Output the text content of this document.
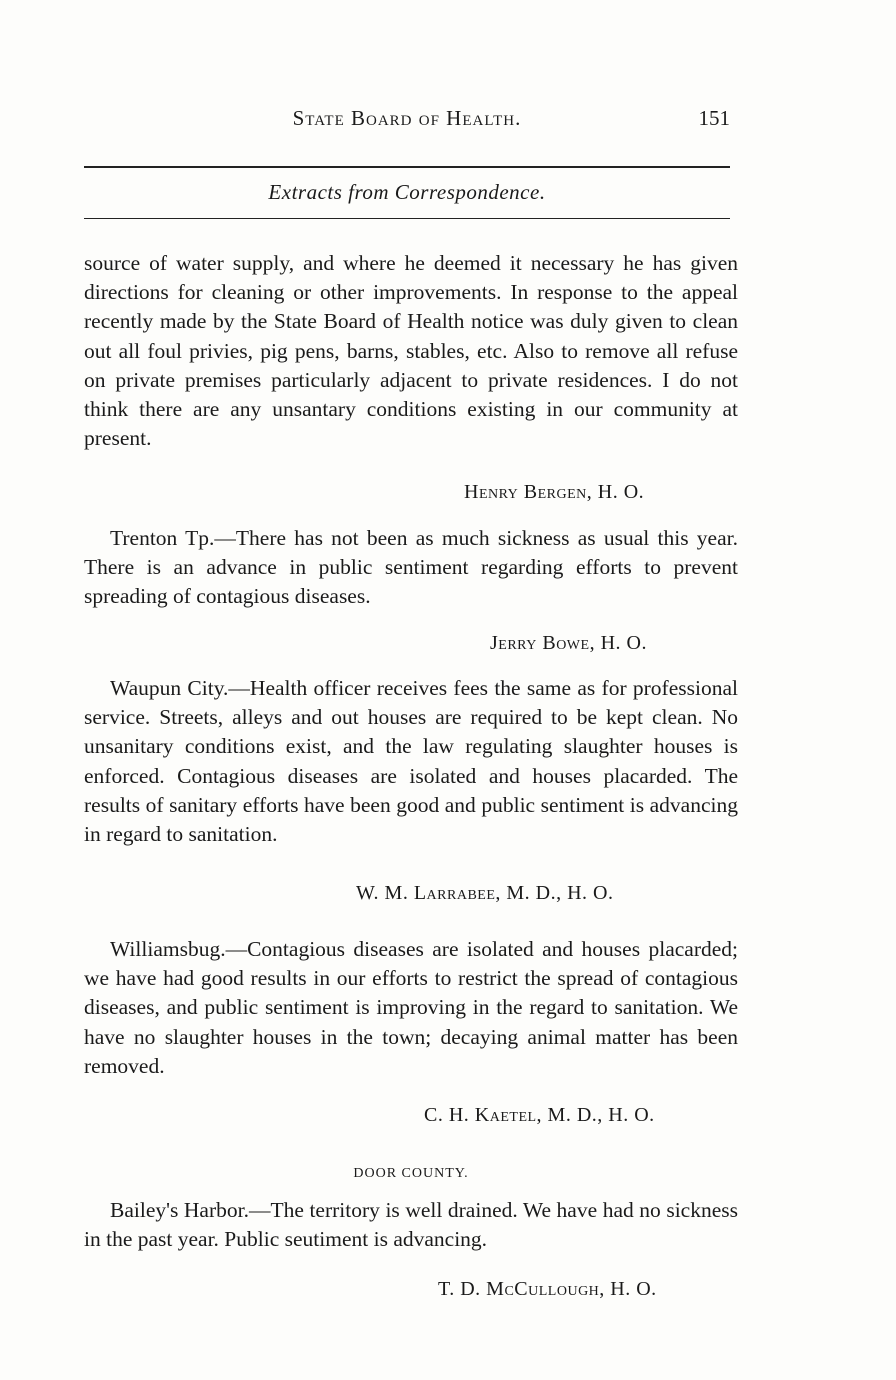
State Board of Health.	151
Extracts from Correspondence.

source of water supply, and where he deemed it necessary he has given directions for cleaning or other improvements. In response to the appeal recently made by the State Board of Health notice was duly given to clean out all foul privies, pig pens, barns, stables, etc. Also to remove all refuse on private premises particularly adjacent to private residences. I do not think there are any unsantary conditions existing in our community at present.

Henry Bergen, H. O.

Trenton Tp.—There has not been as much sickness as usual this year. There is an advance in public sentiment regarding efforts to prevent spreading of contagious diseases.

Jerry Bowe, H. O.

Waupun City.—Health officer receives fees the same as for professional service. Streets, alleys and out houses are required to be kept clean. No unsanitary conditions exist, and the law regulating slaughter houses is enforced. Contagious diseases are isolated and houses placarded. The results of sanitary efforts have been good and public sentiment is advancing in regard to sanitation.

W. M. Larrabee, M. D., H. O.

Williamsbug.—Contagious diseases are isolated and houses placarded; we have had good results in our efforts to restrict the spread of contagious diseases, and public sentiment is improving in the regard to sanitation. We have no slaughter houses in the town; decaying animal matter has been removed.

C. H. Kaetel, M. D., H. O.
DOOR COUNTY.

Bailey's Harbor.—The territory is well drained. We have had no sickness in the past year. Public seutiment is advancing.

T. D. McCullough, H. O.
